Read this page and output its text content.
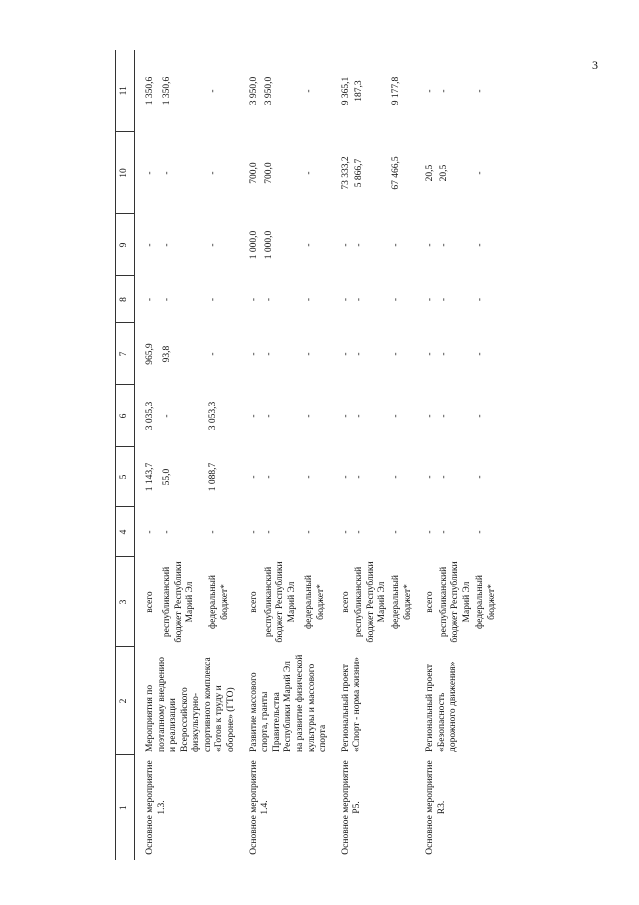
3
1	2	3	4	5	6	7	8	9	10	11

Основное мероприятие 1.3.	Мероприятия по поэтапному внедрению и реализации Всероссийского физкультурно-спортивного комплекса «Готов к труду и обороне» (ГТО)	всего	-	1 143,7	3 035,3	965,9	-	-	-	1 350,6
		республиканский бюджет Республики Марий Эл	-	55,0	-	93,8	-	-	-	1 350,6
		федеральный бюджет*	-	1 088,7	3 053,3	-	-	-	-	-

Основное мероприятие 1.4.	Развитие массового спорта, гранты Правительства Республики Марий Эл на развитие физической культуры и массового спорта	всего	-	-	-	-	-	1 000,0	700,0	3 950,0
		республиканский бюджет Республики Марий Эл	-	-	-	-	-	1 000,0	700,0	3 950,0
		федеральный бюджет*	-	-	-	-	-	-	-	-

Основное мероприятие Р5.	Региональный проект «Спорт - норма жизни»	всего	-	-	-	-	-	-	73 333,2	9 365,1
		республиканский бюджет Республики Марий Эл	-	-	-	-	-	-	5 866,7	187,3
		федеральный бюджет*	-	-	-	-	-	-	67 466,5	9 177,8

Основное мероприятие R3.	Региональный проект «Безопасность дорожного движения»	всего	-	-	-	-	-	-	20,5	-
		республиканский бюджет Республики Марий Эл	-	-	-	-	-	-	20,5	-
		федеральный бюджет*	-	-	-	-	-	-	-	-
